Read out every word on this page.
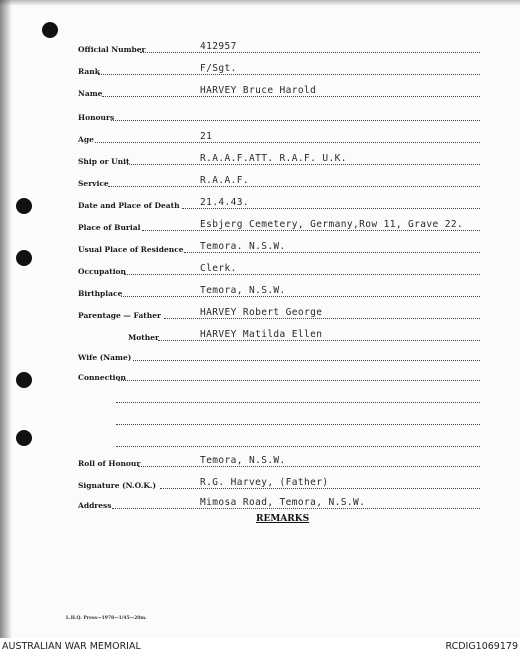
Official Number	412957
Rank	F/Sgt.
Name	HARVEY Bruce Harold
Honours
Age	21
Ship or Unit	R.A.A.F.ATT. R.A.F. U.K.
Service	R.A.A.F.
Date and Place of Death 21.4.43.
Place of Burial	Esbjerg Cemetery, Germany,Row 11, Grave 22.
Usual Place of Residence Temora. N.S.W.
Occupation	Clerk.
Birthplace	Temora, N.S.W.
Parentage — Father	HARVEY Robert George
Mother	HARVEY Matilda Ellen
Wife (Name)
Connection
Roll of Honour	Temora, N.S.W.
Signature (N.O.K.)	R.G. Harvey, (Father)
Address	Mimosa Road, Temora, N.S.W.
REMARKS
L.H.Q. Press—1978—1/45—20m.
AUSTRALIAN WAR MEMORIAL	RCDIG1069179
